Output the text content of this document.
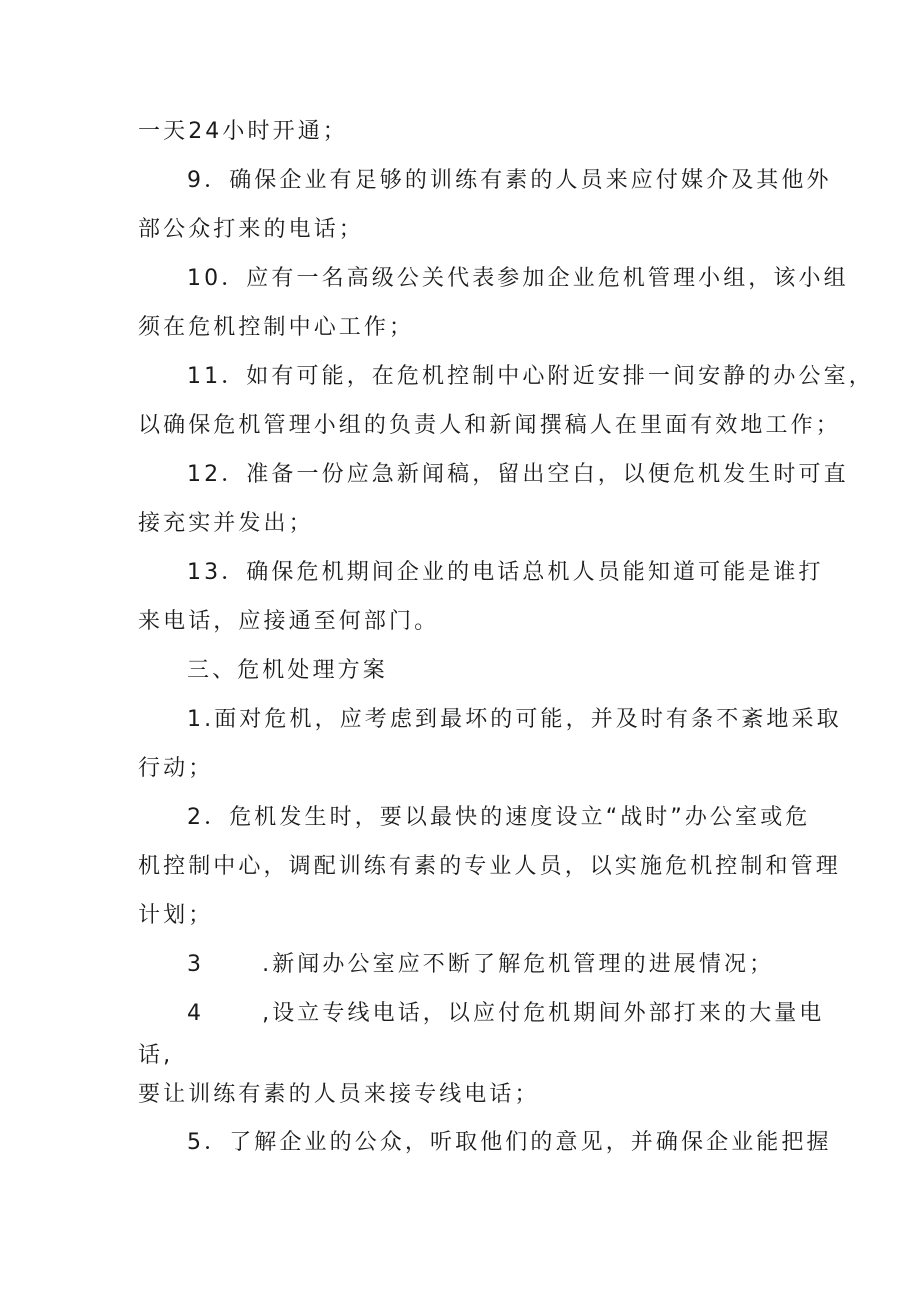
一天24小时开通；
9．确保企业有足够的训练有素的人员来应付媒介及其他外
部公众打来的电话；
10．应有一名高级公关代表参加企业危机管理小组，该小组
须在危机控制中心工作；
11．如有可能，在危机控制中心附近安排一间安静的办公室，
以确保危机管理小组的负责人和新闻撰稿人在里面有效地工作；
12．准备一份应急新闻稿，留出空白，以便危机发生时可直
接充实并发出；
13．确保危机期间企业的电话总机人员能知道可能是谁打
来电话，应接通至何部门。
三、危机处理方案
1.面对危机，应考虑到最坏的可能，并及时有条不紊地采取
行动；
2．危机发生时，要以最快的速度设立“战时”办公室或危
机控制中心，调配训练有素的专业人员，以实施危机控制和管理
计划；
3	.新闻办公室应不断了解危机管理的进展情况；
4	,设立专线电话，以应付危机期间外部打来的大量电
话,
要让训练有素的人员来接专线电话；
5．了解企业的公众，听取他们的意见，并确保企业能把握
